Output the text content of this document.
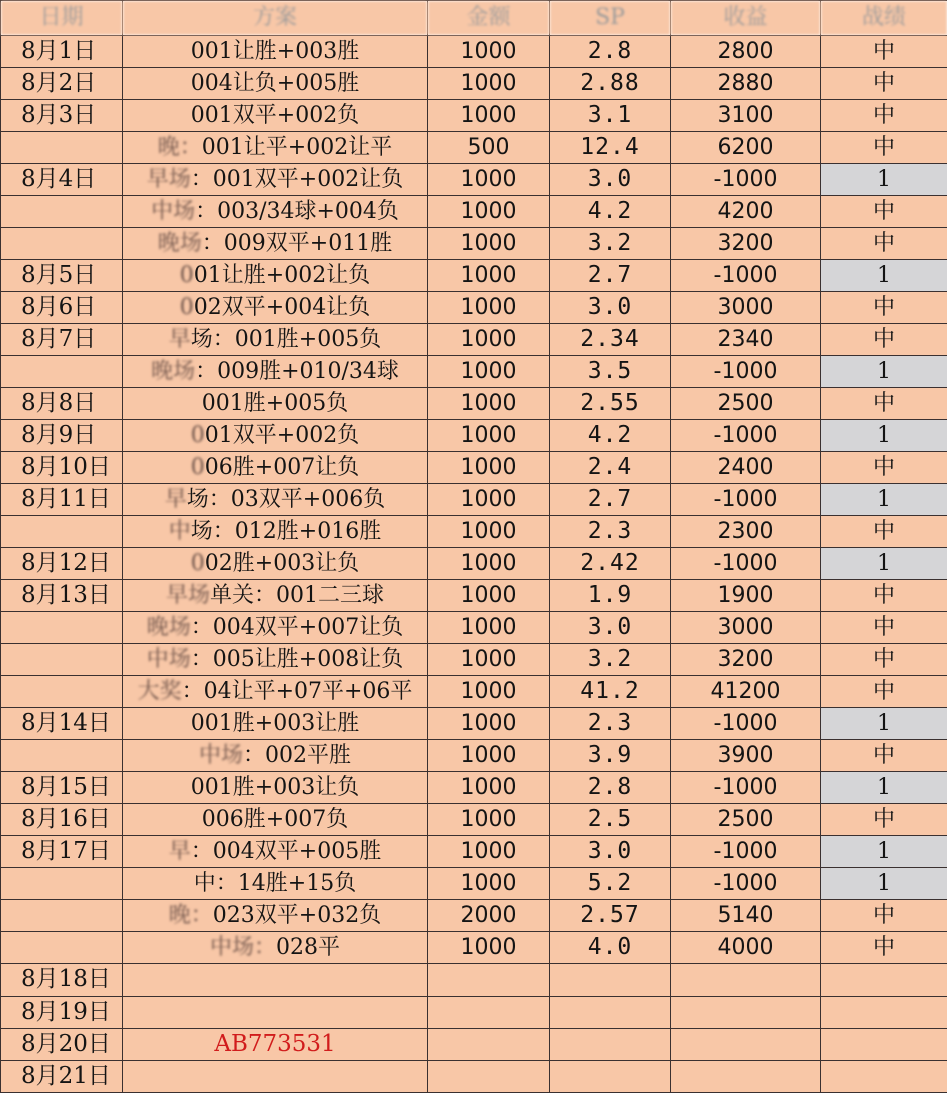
日期	方案	金额	SP	收益	战绩
8月1日	001让胜+003胜	1000	2.8	2800	中
8月2日	004让负+005胜	1000	2.88	2880	中
8月3日	001双平+002负	1000	3.1	3100	中
	晚：001让平+002让平	500	12.4	6200	中
8月4日	早场：001双平+002让负	1000	3.0	-1000	1
	中场：003/34球+004负	1000	4.2	4200	中
	晚场：009双平+011胜	1000	3.2	3200	中
8月5日	001让胜+002让负	1000	2.7	-1000	1
8月6日	002双平+004让负	1000	3.0	3000	中
8月7日	早场：001胜+005负	1000	2.34	2340	中
	晚场：009胜+010/34球	1000	3.5	-1000	1
8月8日	001胜+005负	1000	2.55	2500	中
8月9日	001双平+002负	1000	4.2	-1000	1
8月10日	006胜+007让负	1000	2.4	2400	中
8月11日	早场：03双平+006负	1000	2.7	-1000	1
	中场：012胜+016胜	1000	2.3	2300	中
8月12日	002胜+003让负	1000	2.42	-1000	1
8月13日	早场单关：001二三球	1000	1.9	1900	中
	晚场：004双平+007让负	1000	3.0	3000	中
	中场：005让胜+008让负	1000	3.2	3200	中
	大奖：04让平+07平+06平	1000	41.2	41200	中
8月14日	001胜+003让胜	1000	2.3	-1000	1
	中场：002平胜	1000	3.9	3900	中
8月15日	001胜+003让负	1000	2.8	-1000	1
8月16日	006胜+007负	1000	2.5	2500	中
8月17日	早：004双平+005胜	1000	3.0	-1000	1
	中：14胜+15负	1000	5.2	-1000	1
	晚：023双平+032负	2000	2.57	5140	中
	中场：028平	1000	4.0	4000	中
8月18日					
8月19日					
8月20日	AB773531				
8月21日					
